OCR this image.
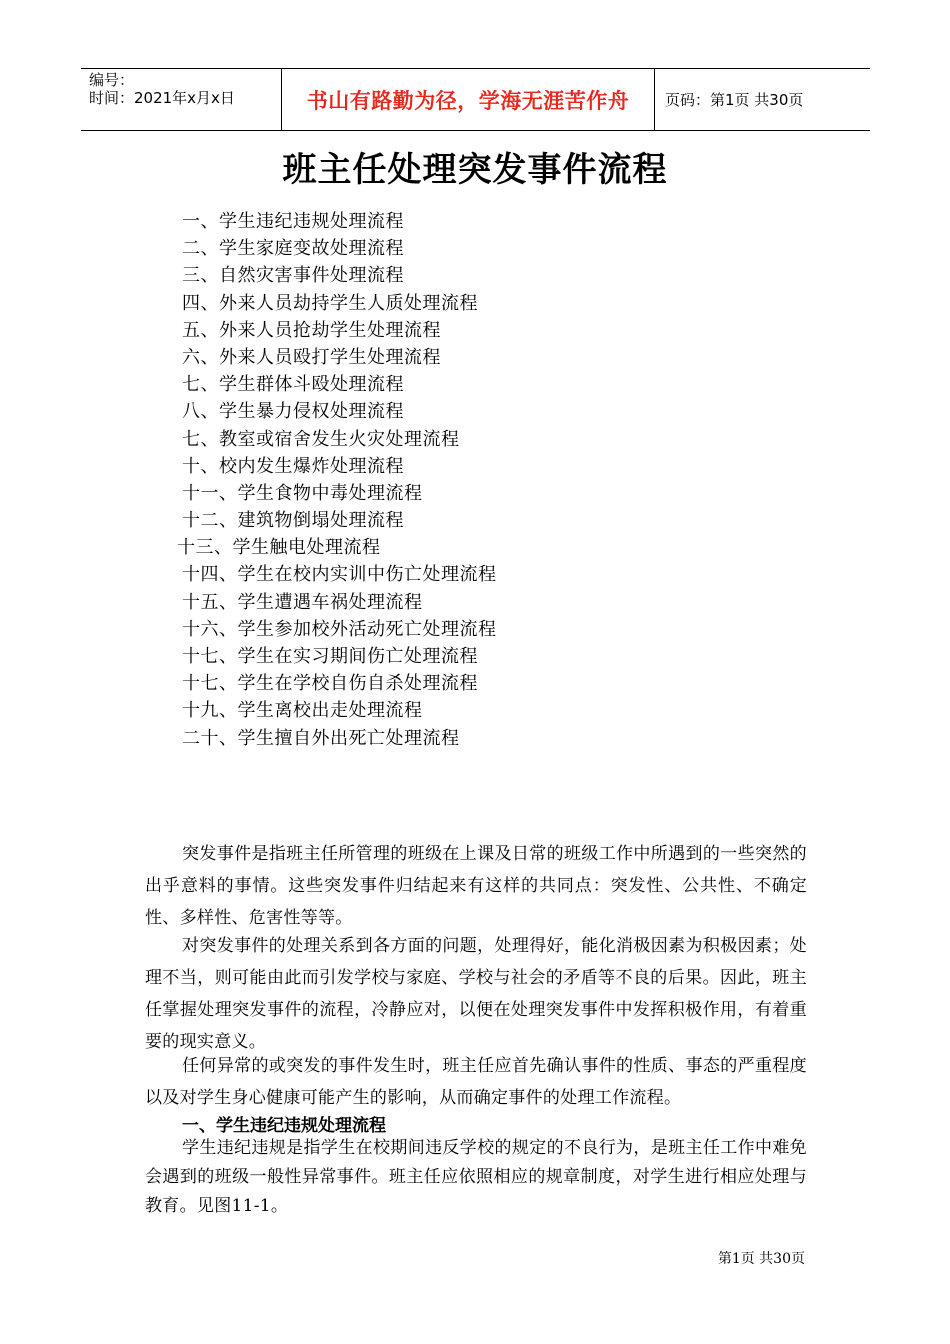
编号：
时间：2021年x月x日	书山有路勤为径，学海无涯苦作舟 页码：第1页 共30页
班主任处理突发事件流程
一、学生违纪违规处理流程
二、学生家庭变故处理流程
三、自然灾害事件处理流程
四、外来人员劫持学生人质处理流程
五、外来人员抢劫学生处理流程
六、外来人员殴打学生处理流程
七、学生群体斗殴处理流程
八、学生暴力侵权处理流程
七、教室或宿舍发生火灾处理流程
十、校内发生爆炸处理流程
十一、学生食物中毒处理流程
十二、建筑物倒塌处理流程
十三、学生触电处理流程
十四、学生在校内实训中伤亡处理流程
十五、学生遭遇车祸处理流程
十六、学生参加校外活动死亡处理流程
十七、学生在实习期间伤亡处理流程
十七、学生在学校自伤自杀处理流程
十九、学生离校出走处理流程
二十、学生擅自外出死亡处理流程
突发事件是指班主任所管理的班级在上课及日常的班级工作中所遇到的一些突然的出乎意料的事情。这些突发事件归结起来有这样的共同点：突发性、公共性、不确定性、多样性、危害性等等。
对突发事件的处理关系到各方面的问题，处理得好，能化消极因素为积极因素；处理不当，则可能由此而引发学校与家庭、学校与社会的矛盾等不良的后果。因此，班主任掌握处理突发事件的流程，冷静应对，以便在处理突发事件中发挥积极作用，有着重要的现实意义。
任何异常的或突发的事件发生时，班主任应首先确认事件的性质、事态的严重程度以及对学生身心健康可能产生的影响，从而确定事件的处理工作流程。
一、学生违纪违规处理流程
学生违纪违规是指学生在校期间违反学校的规定的不良行为，是班主任工作中难免会遇到的班级一般性异常事件。班主任应依照相应的规章制度，对学生进行相应处理与教育。见图11-1。
第1页 共30页
